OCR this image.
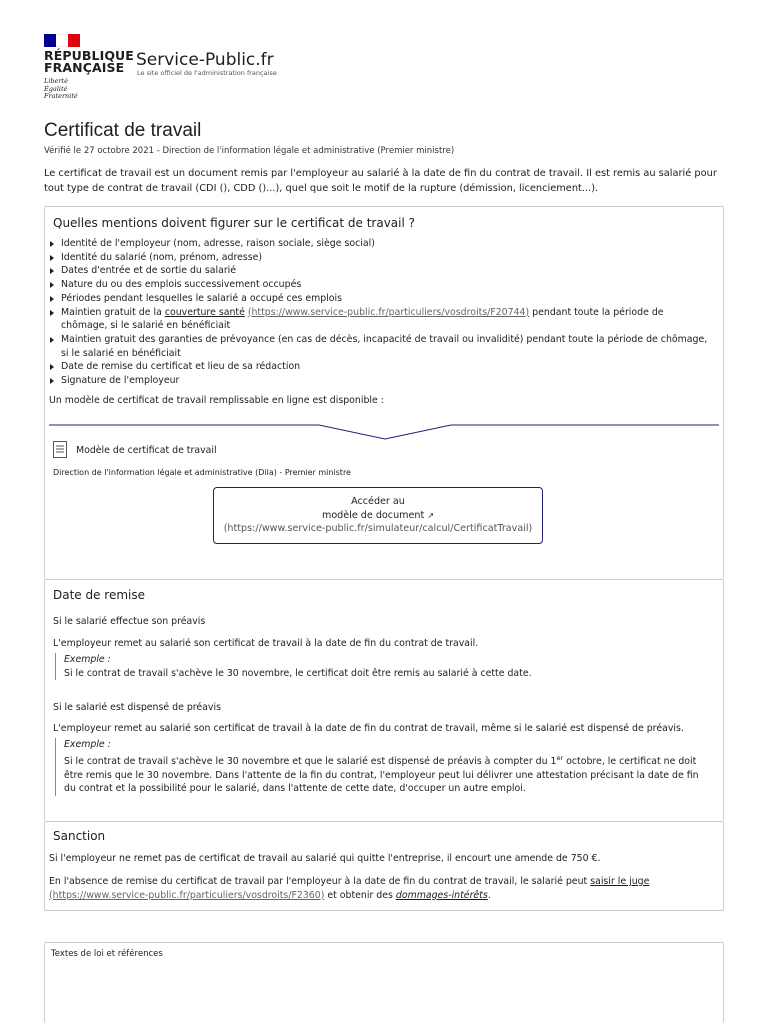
RÉPUBLIQUE
FRANÇAISE
Liberté
Égalité
Fraternité
Service-Public.fr
Le site officiel de l'administration française
Certificat de travail
Vérifié le 27 octobre 2021 - Direction de l'information légale et administrative (Premier ministre)

Le certificat de travail est un document remis par l'employeur au salarié à la date de fin du contrat de travail. Il est remis au salarié pour tout type de contrat de travail (CDI (), CDD ()...), quel que soit le motif de la rupture (démission, licenciement...).

Quelles mentions doivent figurer sur le certificat de travail ?
Identité de l'employeur (nom, adresse, raison sociale, siège social)
Identité du salarié (nom, prénom, adresse)
Dates d'entrée et de sortie du salarié
Nature du ou des emplois successivement occupés
Périodes pendant lesquelles le salarié a occupé ces emplois
Maintien gratuit de la couverture santé (https://www.service-public.fr/particuliers/vosdroits/F20744) pendant toute la période de chômage, si le salarié en bénéficiait
Maintien gratuit des garanties de prévoyance (en cas de décès, incapacité de travail ou invalidité) pendant toute la période de chômage, si le salarié en bénéficiait
Date de remise du certificat et lieu de sa rédaction
Signature de l'employeur
Un modèle de certificat de travail remplissable en ligne est disponible :
Modèle de certificat de travail
Direction de l'information légale et administrative (Dila) - Premier ministre
Accéder au
modèle de document ↗
(https://www.service-public.fr/simulateur/calcul/CertificatTravail)
Date de remise
Si le salarié effectue son préavis
L'employeur remet au salarié son certificat de travail à la date de fin du contrat de travail.
Exemple :

Si le contrat de travail s'achève le 30 novembre, le certificat doit être remis au salarié à cette date.

Si le salarié est dispensé de préavis
L'employeur remet au salarié son certificat de travail à la date de fin du contrat de travail, même si le salarié est dispensé de préavis.
Exemple :

Si le contrat de travail s'achève le 30 novembre et que le salarié est dispensé de préavis à compter du 1er octobre, le certificat ne doit être remis que le 30 novembre. Dans l'attente de la fin du contrat, l'employeur peut lui délivrer une attestation précisant la date de fin du contrat et la possibilité pour le salarié, dans l'attente de cette date, d'occuper un autre emploi.

Sanction
Si l'employeur ne remet pas de certificat de travail au salarié qui quitte l'entreprise, il encourt une amende de 750 €.
En l'absence de remise du certificat de travail par l'employeur à la date de fin du contrat de travail, le salarié peut saisir le juge (https://www.service-public.fr/particuliers/vosdroits/F2360) et obtenir des dommages-intérêts.
Textes de loi et références
